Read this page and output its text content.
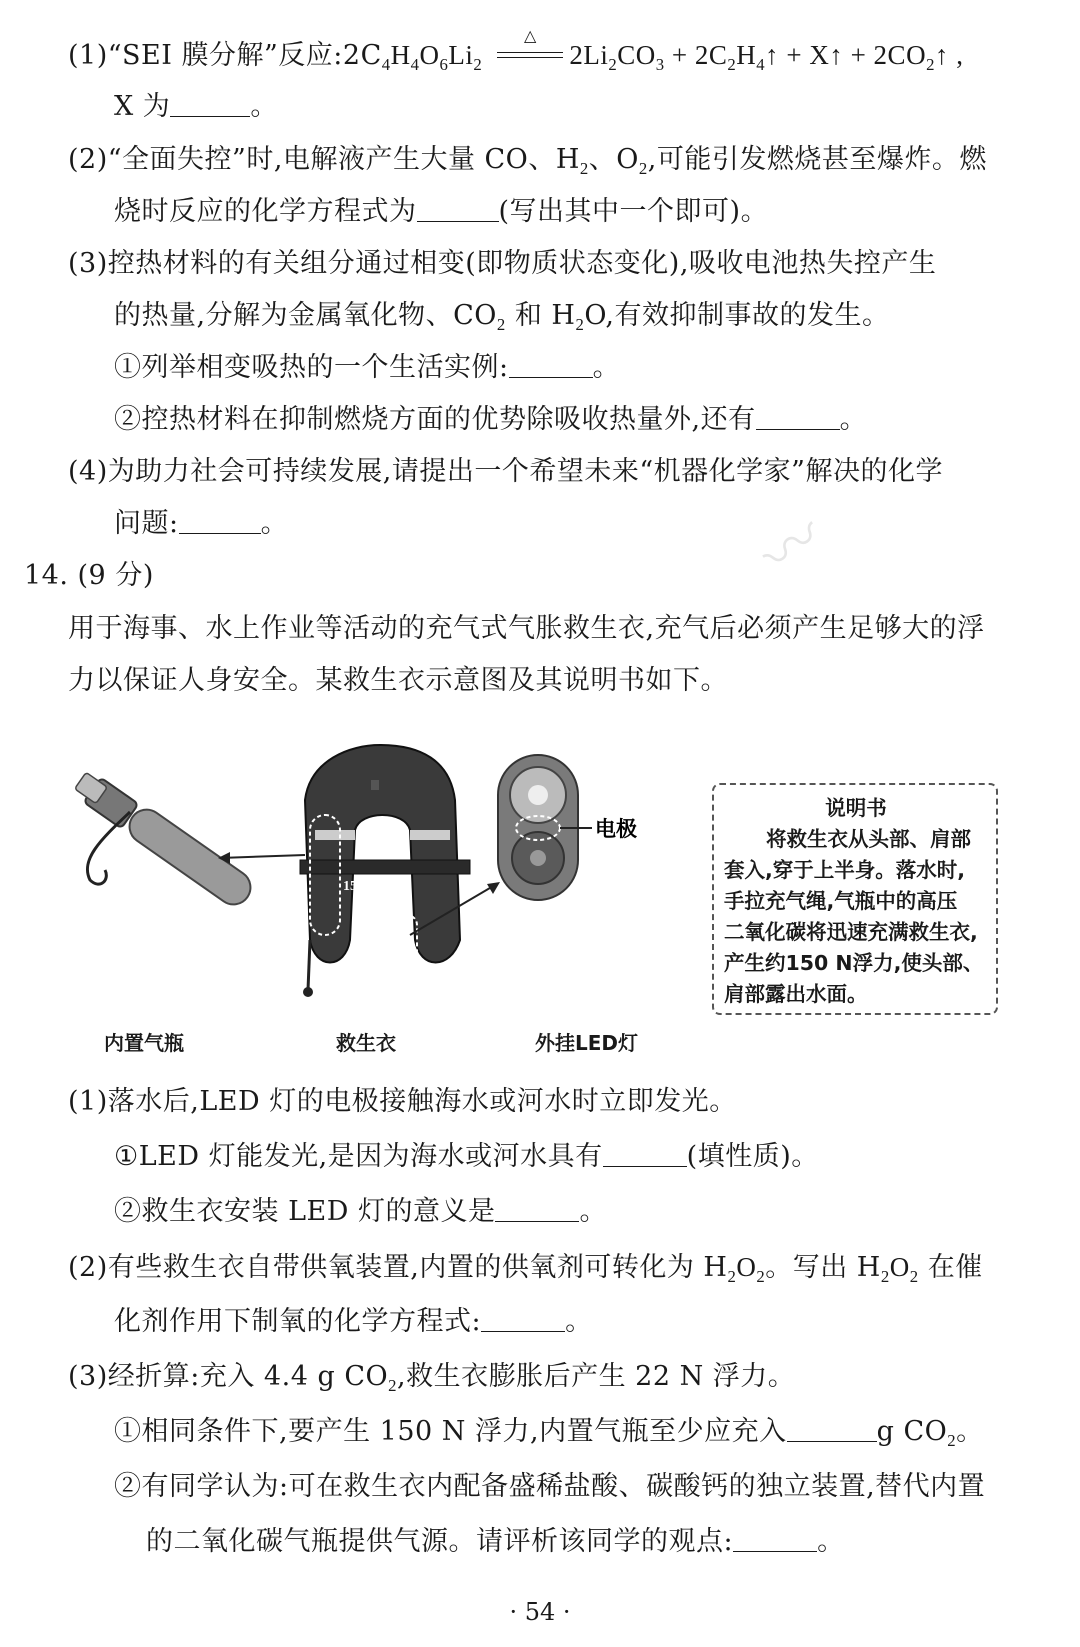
〰
(1)“SEI 膜分解”反应$:2C_4H_4O_6Li_2$
△
$2Li_2CO_3$ + $2C_2H_4↑$ + X↑ + $2CO_2↑$ ,
X 为	。
(2)“全面失控”时,电解液产生大量 CO、$H_2$、$O_2$,可能引发燃烧甚至爆炸。燃
烧时反应的化学方程式为	(写出其中一个即可)。
(3)控热材料的有关组分通过相变(即物质状态变化),吸收电池热失控产生
的热量,分解为金属氧化物、$CO_2$ 和 $H_2O$,有效抑制事故的发生。
①列举相变吸热的一个生活实例:	。
②控热材料在抑制燃烧方面的优势除吸收热量外,还有	。
(4)为助力社会可持续发展,请提出一个希望未来“机器化学家”解决的化学
问题:	。
14. (9 分)
用于海事、水上作业等活动的充气式气胀救生衣,充气后必须产生足够大的浮
力以保证人身安全。某救生衣示意图及其说明书如下。
150 N
电极
说明书
将救生衣从头部、肩部
套入,穿于上半身。落水时,
手拉充气绳,气瓶中的高压
二氧化碳将迅速充满救生衣,
产生约150 N浮力,使头部、
肩部露出水面。
内置气瓶	救生衣	外挂LED灯
(1)落水后,LED 灯的电极接触海水或河水时立即发光。
①LED 灯能发光,是因为海水或河水具有	(填性质)。
②救生衣安装 LED 灯的意义是	。
(2)有些救生衣自带供氧装置,内置的供氧剂可转化为 $H_2O_2$。写出 $H_2O_2$ 在催
化剂作用下制氧的化学方程式:	。
(3)经折算:充入 4.4 g $CO_2$,救生衣膨胀后产生 22 N 浮力。
①相同条件下,要产生 150 N 浮力,内置气瓶至少应充入	g $CO_2$。
②有同学认为:可在救生衣内配备盛稀盐酸、碳酸钙的独立装置,替代内置
的二氧化碳气瓶提供气源。请评析该同学的观点:	。
· 54 ·
